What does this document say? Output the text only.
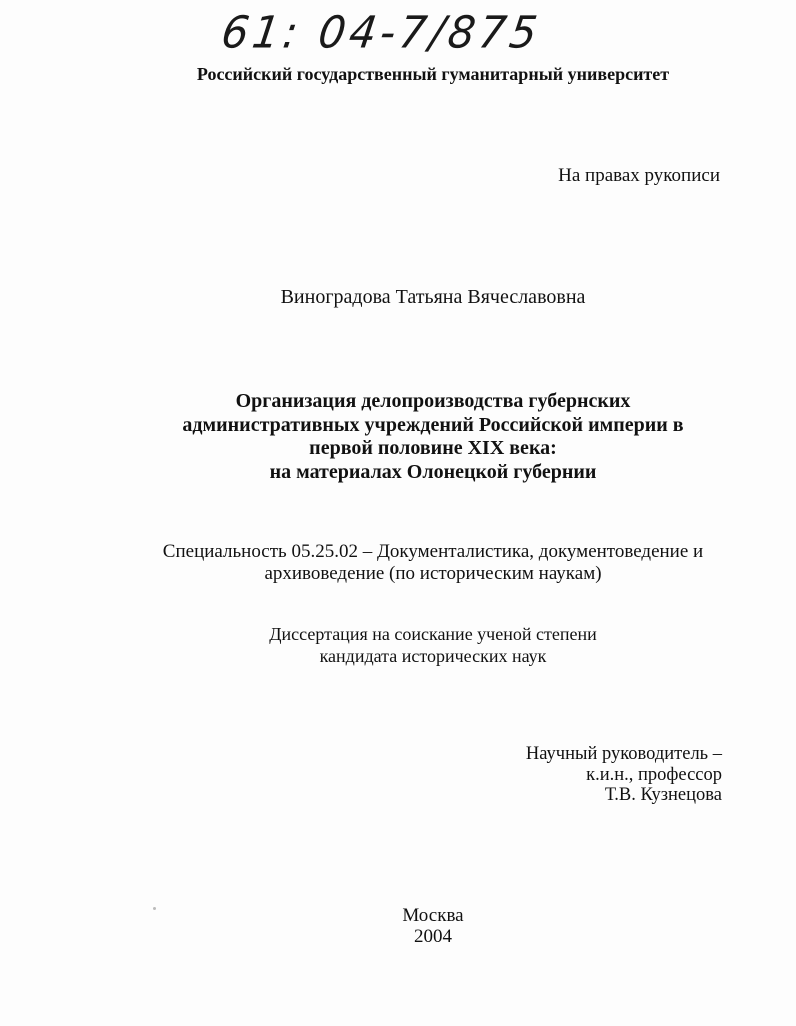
61: 04-7/875
Российский государственный гуманитарный университет
На правах рукописи
Виноградова Татьяна Вячеславовна
Организация делопроизводства губернских
административных учреждений Российской империи в
первой половине XIX века:
на материалах Олонецкой губернии
Специальность 05.25.02 – Документалистика, документоведение и
архивоведение (по историческим наукам)
Диссертация на соискание ученой степени
кандидата исторических наук
Научный руководитель –
к.и.н., профессор
Т.В. Кузнецова
Москва
2004
